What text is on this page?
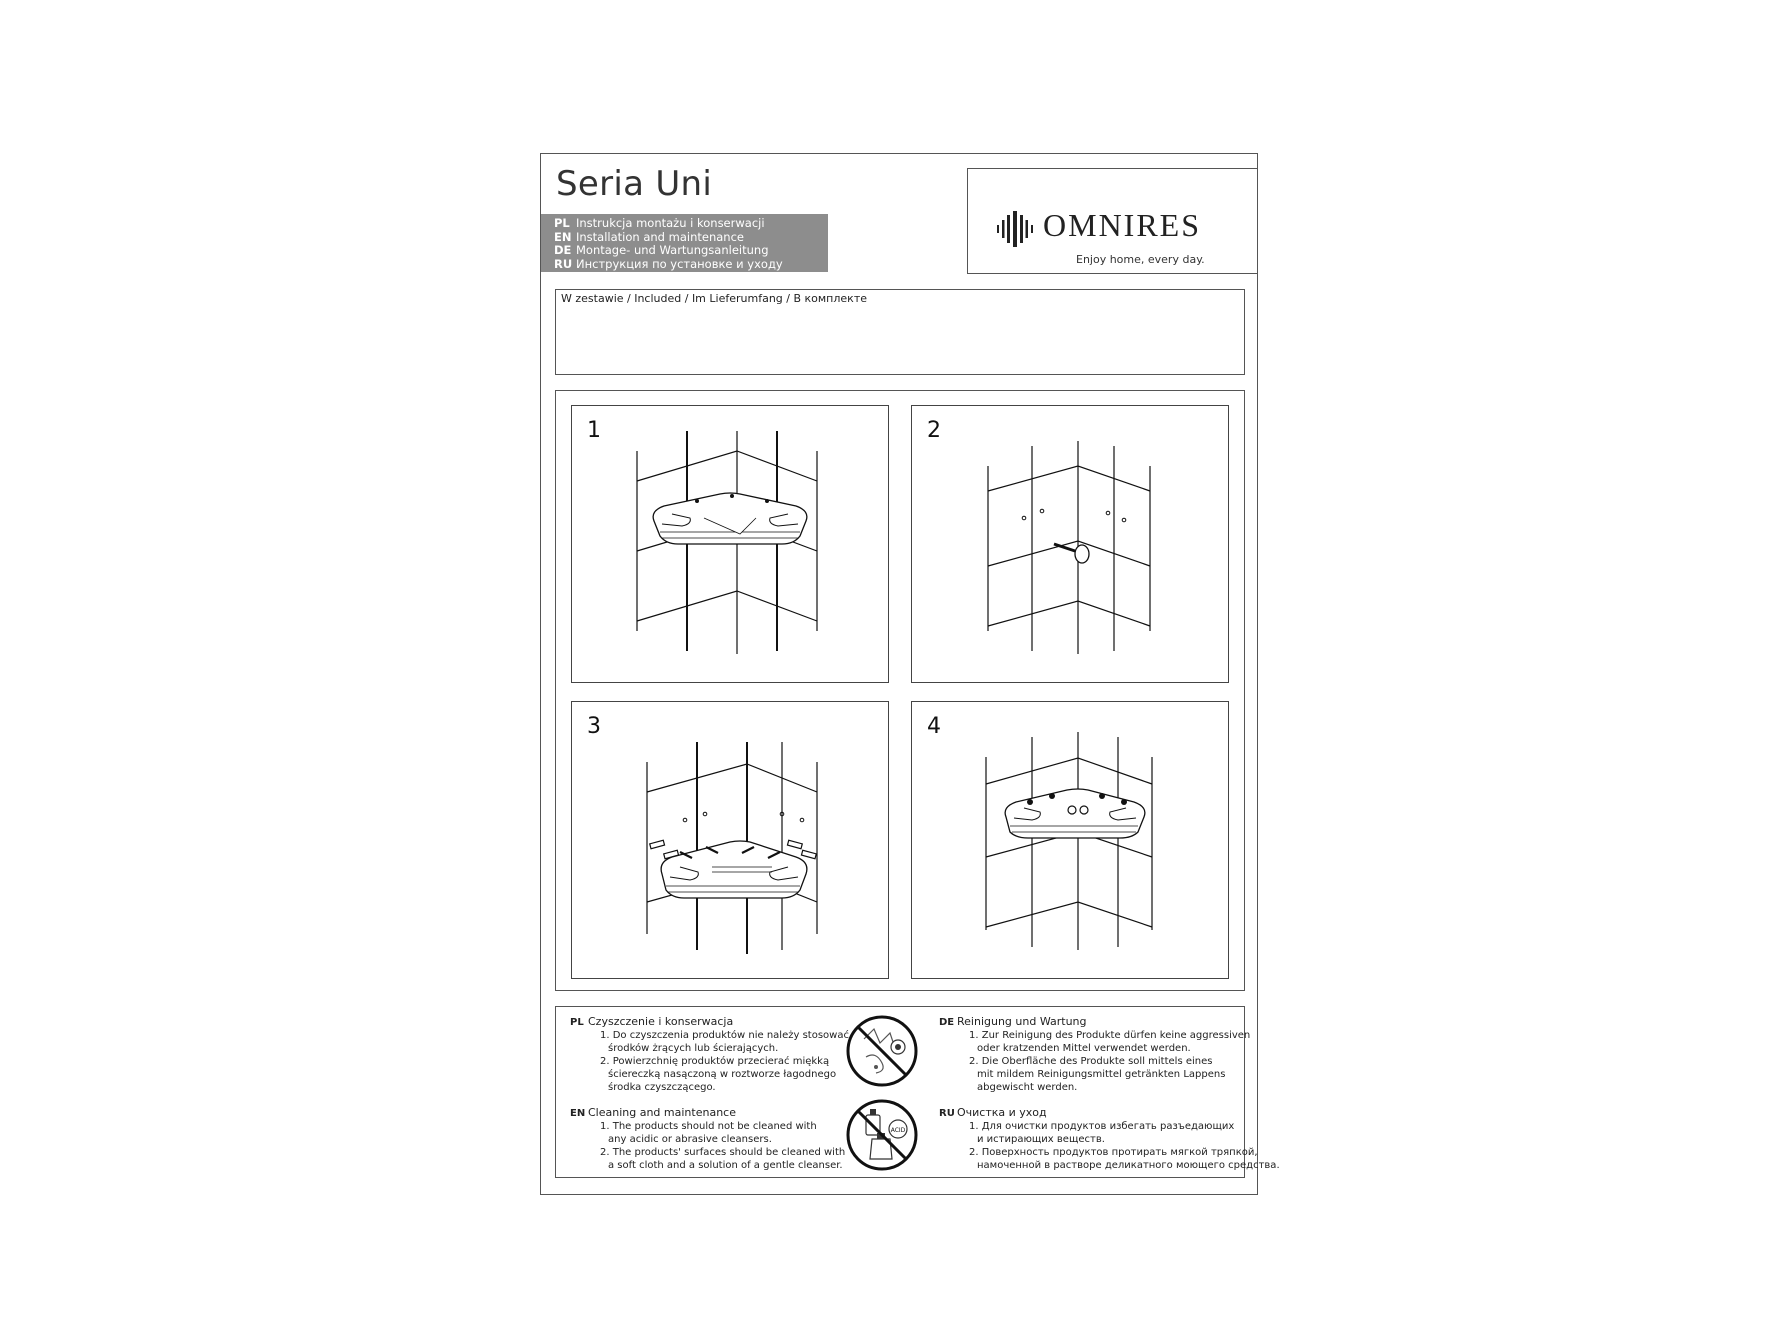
Seria Uni
PL Instrukcja montażu i konserwacji
EN Installation and maintenance
DE Montage- und Wartungsanleitung
RU Инструкция по установке и уходу
OMNIRES
Enjoy home, every day.
W zestawie / Included / Im Lieferumfang / В комплекте
1	2
3	4
PL Czyszczenie i konserwacja
1. Do czyszczenia produktów nie należy stosować
środków żrących lub ścierających.
2. Powierzchnię produktów przecierać miękką
ściereczką nasączoną w roztworze łagodnego
środka czyszczącego.
EN Cleaning and maintenance
1. The products should not be cleaned with
any acidic or abrasive cleansers.
2. The products' surfaces should be cleaned with
a soft cloth and a solution of a gentle cleanser.
ACID
DE Reinigung und Wartung
1. Zur Reinigung des Produkte dürfen keine aggressiven
oder kratzenden Mittel verwendet werden.
2. Die Oberfläche des Produkte soll mittels eines
mit mildem Reinigungsmittel getränkten Lappens
abgewischt werden.
RU Очистка и уход
1. Для очистки продуктов избегать разъедающих
и истирающих веществ.
2. Поверхность продуктов протирать мягкой тряпкой,
намоченной в растворе деликатного моющего средства.
